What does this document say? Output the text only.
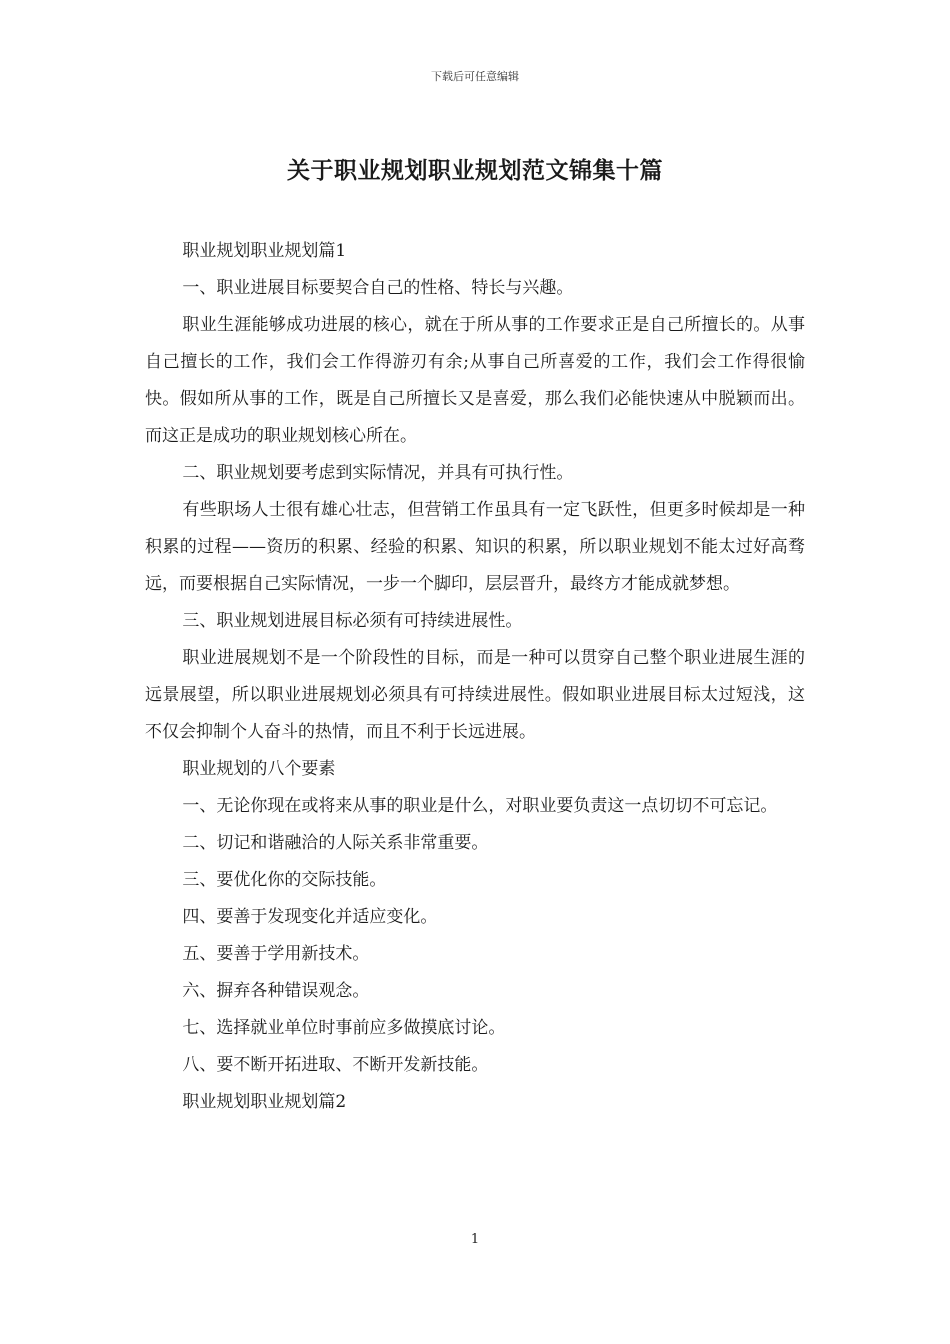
下载后可任意编辑
关于职业规划职业规划范文锦集十篇

职业规划职业规划篇1

一、职业进展目标要契合自己的性格、特长与兴趣。

职业生涯能够成功进展的核心，就在于所从事的工作要求正是自己所擅长的。从事自己擅长的工作，我们会工作得游刃有余;从事自己所喜爱的工作，我们会工作得很愉快。假如所从事的工作，既是自己所擅长又是喜爱，那么我们必能快速从中脱颖而出。而这正是成功的职业规划核心所在。

二、职业规划要考虑到实际情况，并具有可执行性。

有些职场人士很有雄心壮志，但营销工作虽具有一定飞跃性，但更多时候却是一种积累的过程——资历的积累、经验的积累、知识的积累，所以职业规划不能太过好高骛远，而要根据自己实际情况，一步一个脚印，层层晋升，最终方才能成就梦想。

三、职业规划进展目标必须有可持续进展性。

职业进展规划不是一个阶段性的目标，而是一种可以贯穿自己整个职业进展生涯的远景展望，所以职业进展规划必须具有可持续进展性。假如职业进展目标太过短浅，这不仅会抑制个人奋斗的热情，而且不利于长远进展。

职业规划的八个要素

一、无论你现在或将来从事的职业是什么，对职业要负责这一点切切不可忘记。

二、切记和谐融洽的人际关系非常重要。

三、要优化你的交际技能。

四、要善于发现变化并适应变化。

五、要善于学用新技术。

六、摒弃各种错误观念。

七、选择就业单位时事前应多做摸底讨论。

八、要不断开拓进取、不断开发新技能。

职业规划职业规划篇2

1
